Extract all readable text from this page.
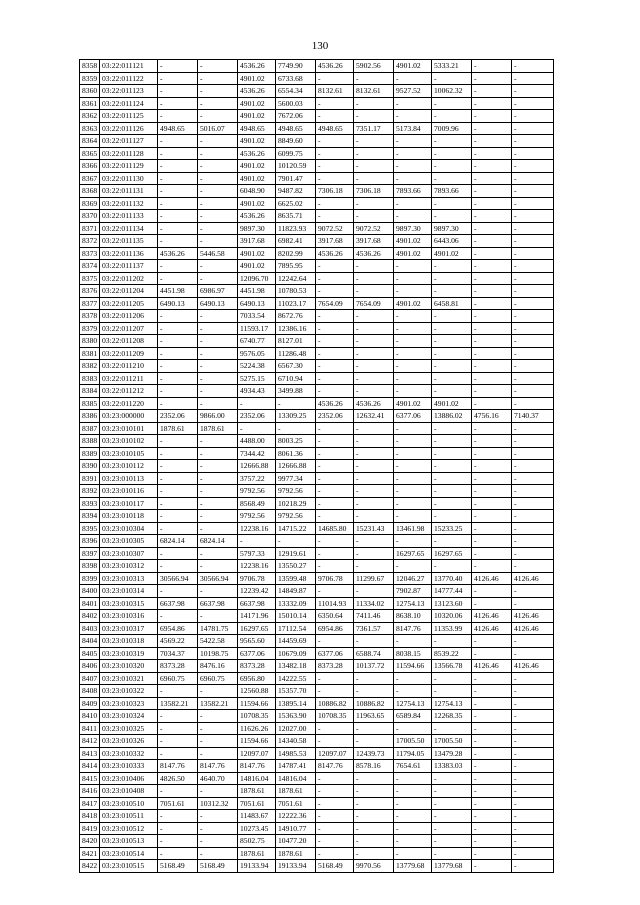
130
8358	03:22:011121	-	-	4536.26	7749.90	4536.26	5902.56	4901.02	5333.21	-	-
8359	03:22:011122	-	-	4901.02	6733.68	-	-	-	-	-	-
8360	03:22:011123	-	-	4536.26	6554.34	8132.61	8132.61	9527.52	10062.32	-	-
8361	03:22:011124	-	-	4901.02	5600.03	-	-	-	-	-	-
8362	03:22:011125	-	-	4901.02	7672.06	-	-	-	-	-	-
8363	03:22:011126	4948.65	5016.07	4948.65	4948.65	4948.65	7351.17	5173.84	7009.96	-	-
8364	03:22:011127	-	-	4901.02	8849.60	-	-	-	-	-	-
8365	03:22:011128	-	-	4536.26	6099.75	-	-	-	-	-	-
8366	03:22:011129	-	-	4901.02	10120.59	-	-	-	-	-	-
8367	03:22:011130	-	-	4901.02	7901.47	-	-	-	-	-	-
8368	03:22:011131	-	-	6048.90	9487.82	7306.18	7306.18	7893.66	7893.66	-	-
8369	03:22:011132	-	-	4901.02	6625.02	-	-	-	-	-	-
8370	03:22:011133	-	-	4536.26	8635.71	-	-	-	-	-	-
8371	03:22:011134	-	-	9897.30	11823.93	9072.52	9072.52	9897.30	9897.30	-	-
8372	03:22:011135	-	-	3917.68	6982.41	3917.68	3917.68	4901.02	6443.06	-	-
8373	03:22:011136	4536.26	5446.58	4901.02	8202.99	4536.26	4536.26	4901.02	4901.02	-	-
8374	03:22:011137	-	-	4901.02	7895.95	-	-	-	-	-	-
8375	03:22:011202	-	-	12096.70	12242.64	-	-	-	-	-	-
8376	03:22:011204	4451.98	6986.97	4451.98	10780.53	-	-	-	-	-	-
8377	03:22:011205	6490.13	6490.13	6490.13	11023.17	7654.09	7654.09	4901.02	6458.81	-	-
8378	03:22:011206	-	-	7033.54	8672.76	-	-	-	-	-	-
8379	03:22:011207	-	-	11593.17	12386.16	-	-	-	-	-	-
8380	03:22:011208	-	-	6740.77	8127.01	-	-	-	-	-	-
8381	03:22:011209	-	-	9576.05	11286.48	-	-	-	-	-	-
8382	03:22:011210	-	-	5224.38	6567.30	-	-	-	-	-	-
8383	03:22:011211	-	-	5275.15	6710.94	-	-	-	-	-	-
8384	03:22:011212	-	-	4934.43	3499.88	-	-	-	-	-	-
8385	03:22:011220	-	-	-	-	4536.26	4536.26	4901.02	4901.02	-	-
8386	03:23:000000	2352.06	9866.00	2352.06	13309.25	2352.06	12632.41	6377.06	13886.02	4756.16	7140.37
8387	03:23:010101	1878.61	1878.61	-	-	-	-	-	-	-	-
8388	03:23:010102	-	-	4488.00	8003.25	-	-	-	-	-	-
8389	03:23:010105	-	-	7344.42	8061.36	-	-	-	-	-	-
8390	03:23:010112	-	-	12666.88	12666.88	-	-	-	-	-	-
8391	03:23:010113	-	-	3757.22	9977.34	-	-	-	-	-	-
8392	03:23:010116	-	-	9792.56	9792.56	-	-	-	-	-	-
8393	03:23:010117	-	-	8568.49	10218.29	-	-	-	-	-	-
8394	03:23:010118	-	-	9792.56	9792.56	-	-	-	-	-	-
8395	03:23:010304	-	-	12238.16	14715.22	14685.80	15231.43	13461.98	15233.25	-	-
8396	03:23:010305	6824.14	6824.14	-	-	-	-	-	-	-	-
8397	03:23:010307	-	-	5797.33	12919.61	-	-	16297.65	16297.65	-	-
8398	03:23:010312	-	-	12238.16	13550.27	-	-	-	-	-	-
8399	03:23:010313	30566.94	30566.94	9706.78	13599.48	9706.78	11299.67	12046.27	13770.40	4126.46	4126.46
8400	03:23:010314	-	-	12239.42	14849.87	-	-	7902.87	14777.44	-	-
8401	03:23:010315	6637.98	6637.98	6637.98	13332.09	11014.93	11334.02	12754.13	13123.60	-	-
8402	03:23:010316	-	-	14171.96	15010.14	6350.64	7411.46	8638.10	10320.06	4126.46	4126.46
8403	03:23:010317	6954.86	14781.75	16297.65	17112.54	6954.86	7361.57	8147.76	11353.99	4126.46	4126.46
8404	03:23:010318	4569.22	5422.58	9565.60	14459.69	-	-	-	-	-	-
8405	03:23:010319	7034.37	10198.75	6377.06	10679.09	6377.06	6588.74	8038.15	8539.22	-	-
8406	03:23:010320	8373.28	8476.16	8373.28	13482.18	8373.28	10137.72	11594.66	13566.78	4126.46	4126.46
8407	03:23:010321	6960.75	6960.75	6956.80	14222.55	-	-	-	-	-	-
8408	03:23:010322	-	-	12560.88	15357.70	-	-	-	-	-	-
8409	03:23:010323	13582.21	13582.21	11594.66	13895.14	10886.82	10886.82	12754.13	12754.13	-	-
8410	03:23:010324	-	-	10708.35	15363.90	10708.35	11963.65	6589.84	12268.35	-	-
8411	03:23:010325	-	-	11626.26	12027.00	-	-	-	-	-	-
8412	03:23:010326	-	-	11594.66	14340.58	-	-	17005.50	17005.50	-	-
8413	03:23:010332	-	-	12097.07	14985.53	12097.07	12439.73	11794.05	13479.28	-	-
8414	03:23:010333	8147.76	8147.76	8147.76	14787.41	8147.76	8578.16	7654.61	13383.03	-	-
8415	03:23:010406	4826.50	4640.70	14816.04	14816.04	-	-	-	-	-	-
8416	03:23:010408	-	-	1878.61	1878.61	-	-	-	-	-	-
8417	03:23:010510	7051.61	10312.32	7051.61	7051.61	-	-	-	-	-	-
8418	03:23:010511	-	-	11483.67	12222.36	-	-	-	-	-	-
8419	03:23:010512	-	-	10273.45	14910.77	-	-	-	-	-	-
8420	03:23:010513	-	-	8502.75	10477.20	-	-	-	-	-	-
8421	03:23:010514	-	-	1878.61	1878.61	-	-	-	-	-	-
8422	03:23:010515	5168.49	5168.49	19133.94	19133.94	5168.49	9970.56	13779.68	13779.68	-	-
